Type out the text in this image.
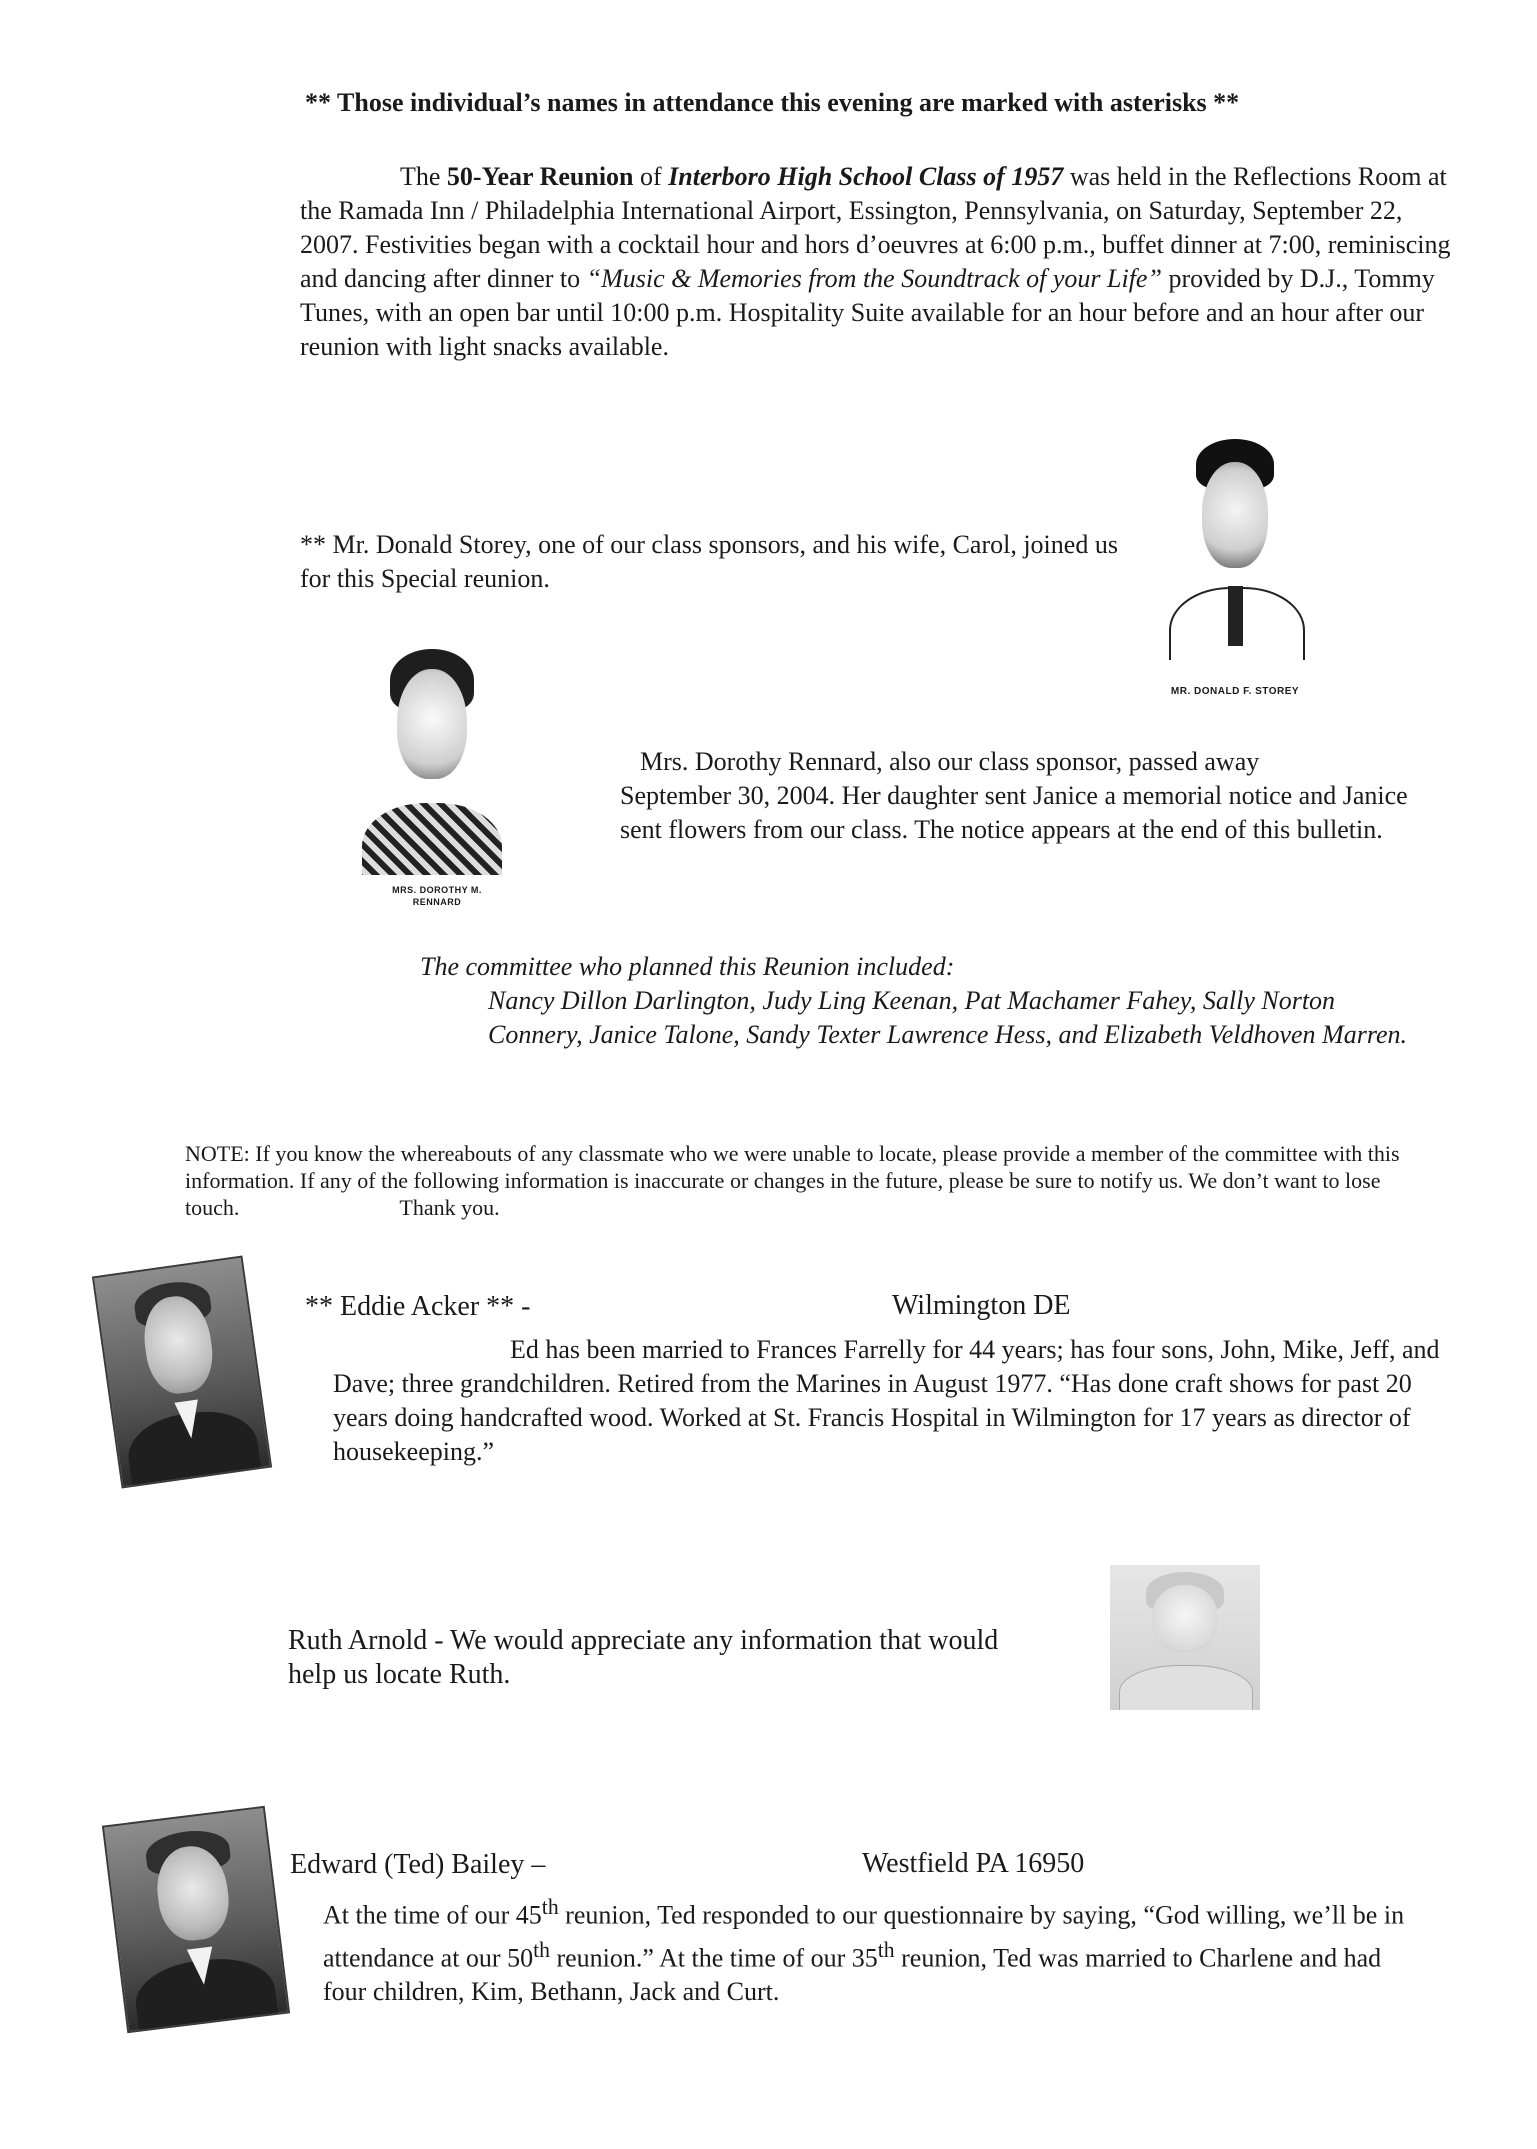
** Those individual’s names in attendance this evening are marked with asterisks **

The 50-Year Reunion of Interboro High School Class of 1957 was held in the Reflections Room at the Ramada Inn / Philadelphia International Airport, Essington, Pennsylvania, on Saturday, September 22, 2007. Festivities began with a cocktail hour and hors d’oeuvres at 6:00 p.m., buffet dinner at 7:00, reminiscing and dancing after dinner to “Music & Memories from the Soundtrack of your Life” provided by D.J., Tommy Tunes, with an open bar until 10:00 p.m. Hospitality Suite available for an hour before and an hour after our reunion with light snacks available.

** Mr. Donald Storey, one of our class sponsors, and his wife, Carol, joined us for this Special reunion.

MR. DONALD F. STOREY

MRS. DOROTHY M.
RENNARD

Mrs. Dorothy Rennard, also our class sponsor, passed away
September 30, 2004. Her daughter sent Janice a memorial notice and Janice sent flowers from our class. The notice appears at the end of this bulletin.

The committee who planned this Reunion included:
Nancy Dillon Darlington, Judy Ling Keenan, Pat Machamer Fahey, Sally Norton Connery, Janice Talone, Sandy Texter Lawrence Hess, and Elizabeth Veldhoven Marren.

NOTE: If you know the whereabouts of any classmate who we were unable to locate, please provide a member of the committee with this information. If any of the following information is inaccurate or changes in the future, please be sure to notify us. We don’t want to lose touch.	Thank you.

** Eddie Acker ** -	Wilmington DE

Ed has been married to Frances Farrelly for 44 years; has four sons, John, Mike, Jeff, and Dave; three grandchildren. Retired from the Marines in August 1977. “Has done craft shows for past 20 years doing handcrafted wood. Worked at St. Francis Hospital in Wilmington for 17 years as director of housekeeping.”

Ruth Arnold - We would appreciate any information that would help us locate Ruth.

Edward (Ted) Bailey –	Westfield PA 16950

At the time of our 45th reunion, Ted responded to our questionnaire by saying, “God willing, we’ll be in attendance at our 50th reunion.” At the time of our 35th reunion, Ted was married to Charlene and had four children, Kim, Bethann, Jack and Curt.
